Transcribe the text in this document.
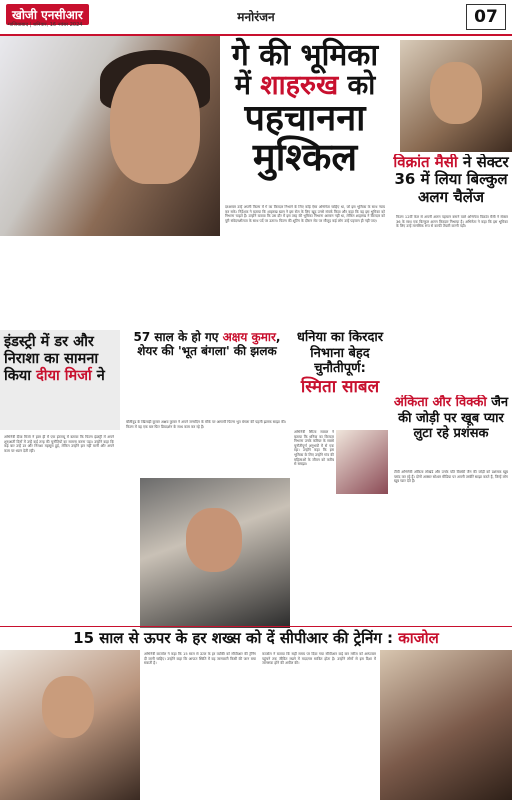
खोजी एनसीआर
गाजियाबाद | शनिवार, 16 नवंबर 2024
मनोरंजन	07
गे की भूमिका
में शाहरुख को
पहचानना
मुश्किल
दरअसल उन्हें अपनी फिल्म में गे का किरदार निभाने के लिए कोई ऐसा अभिनेता चाहिए था, जो इस भूमिका के साथ न्याय कर सके। निर्देशक ने बताया कि शाहरुख खान ने इस रोल के लिए खुद उनसे संपर्क किया और कहा कि वह इस भूमिका को निभाना चाहते हैं। उन्होंने बताया कि उस दौर में इस तरह की भूमिका निभाना आसान नहीं था, लेकिन शाहरुख ने किरदार को पूरी संवेदनशीलता के साथ पर्दे पर उतारा। फिल्म की शूटिंग के दौरान सेट पर मौजूद कई लोग उन्हें पहचान ही नहीं पाए।
विक्रांत मैसी ने सेक्टर 36 में लिया बिल्कुल अलग चैलेंज
फिल्म 12वीं फेल से अपनी अलग पहचान बनाने वाले अभिनेता विक्रांत मैसी ने सेक्टर 36 के साथ एक बिल्कुल अलग किरदार निभाया है। अभिनेता ने कहा कि इस भूमिका के लिए उन्हें मानसिक रूप से काफी तैयारी करनी पड़ी।
इंडस्ट्री में डर और निराशा का सामना किया दीया मिर्जा ने
अभिनेत्री दीया मिर्जा ने हाल ही में एक इंटरव्यू में बताया कि फिल्म इंडस्ट्री में अपने शुरुआती दिनों में उन्हें कई तरह की चुनौतियों का सामना करना पड़ा। उन्होंने कहा कि कई बार उन्हें डर और निराशा महसूस हुई, लेकिन उन्होंने हार नहीं मानी और अपने काम पर ध्यान देती रहीं।
57 साल के हो गए अक्षय कुमार, शेयर की 'भूत बंगला' की झलक
बॉलीवुड के खिलाड़ी कुमार अक्षय कुमार ने अपने जन्मदिन के मौके पर आगामी फिल्म भूत बंगला की पहली झलक साझा की। फिल्म में वह एक बार फिर प्रियदर्शन के साथ काम कर रहे हैं।
धनिया का किरदार निभाना बेहद चुनौतीपूर्ण:
स्मिता साबल
अभिनेत्री स्मिता साबल ने बताया कि धनिया का किरदार निभाना उनके करियर के सबसे चुनौतीपूर्ण अनुभवों में से एक रहा। उन्होंने कहा कि इस भूमिका के लिए उन्होंने गांव की महिलाओं के जीवन को करीब से समझा।
अंकिता और विक्की जैन की जोड़ी पर खूब प्यार लुटा रहे प्रशंसक
टीवी अभिनेत्री अंकिता लोखंडे और उनके पति विक्की जैन की जोड़ी को प्रशंसक खूब पसंद कर रहे हैं। दोनों अक्सर सोशल मीडिया पर अपनी तस्वीरें साझा करते हैं, जिन्हें लोग खूब प्यार देते हैं।
15 साल से ऊपर के हर शख्स को दें सीपीआर की ट्रेनिंग : काजोल
अभिनेत्री काजोल ने कहा कि 15 साल से ऊपर के हर व्यक्ति को सीपीआर की ट्रेनिंग दी जानी चाहिए। उन्होंने कहा कि आपात स्थिति में यह जानकारी किसी की जान बचा सकती है।
काजोल ने बताया कि सही समय पर दिया गया सीपीआर कई बार मरीज को अस्पताल पहुंचने तक जीवित रखने में मददगार साबित होता है। उन्होंने लोगों से इस दिशा में जागरूक होने की अपील की।
